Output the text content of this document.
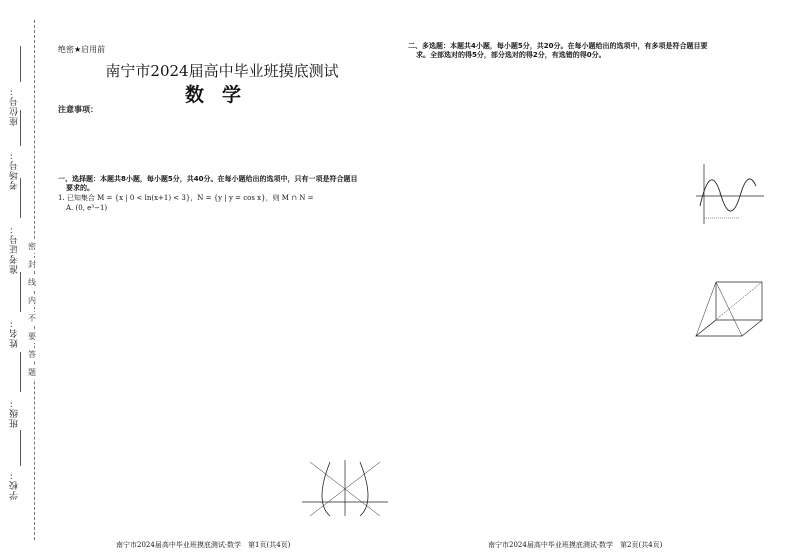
学校：
班级：
姓名：
准考证号：
考场号：
座位号：
密
封
线
内
不
要
答
题
绝密★启用前
南宁市2024届高中毕业班摸底测试
数学
注意事项：
一、选择题：本题共8小题，每小题5分，共40分。在每小题给出的选项中，只有一项是符合题目
要求的。
1. 已知集合 M = {x | 0 < ln(x+1) < 3}，N = {y | y = cos x}，则 M ∩ N =
A. (0, e³−1)
南宁市2024届高中毕业班摸底测试·数学　第1页(共4页)
二、多选题：本题共4小题，每小题5分，共20分。在每小题给出的选项中，有多项是符合题目要
求。全部选对的得5分，部分选对的得2分，有选错的得0分。
南宁市2024届高中毕业班摸底测试·数学　第2页(共4页)
